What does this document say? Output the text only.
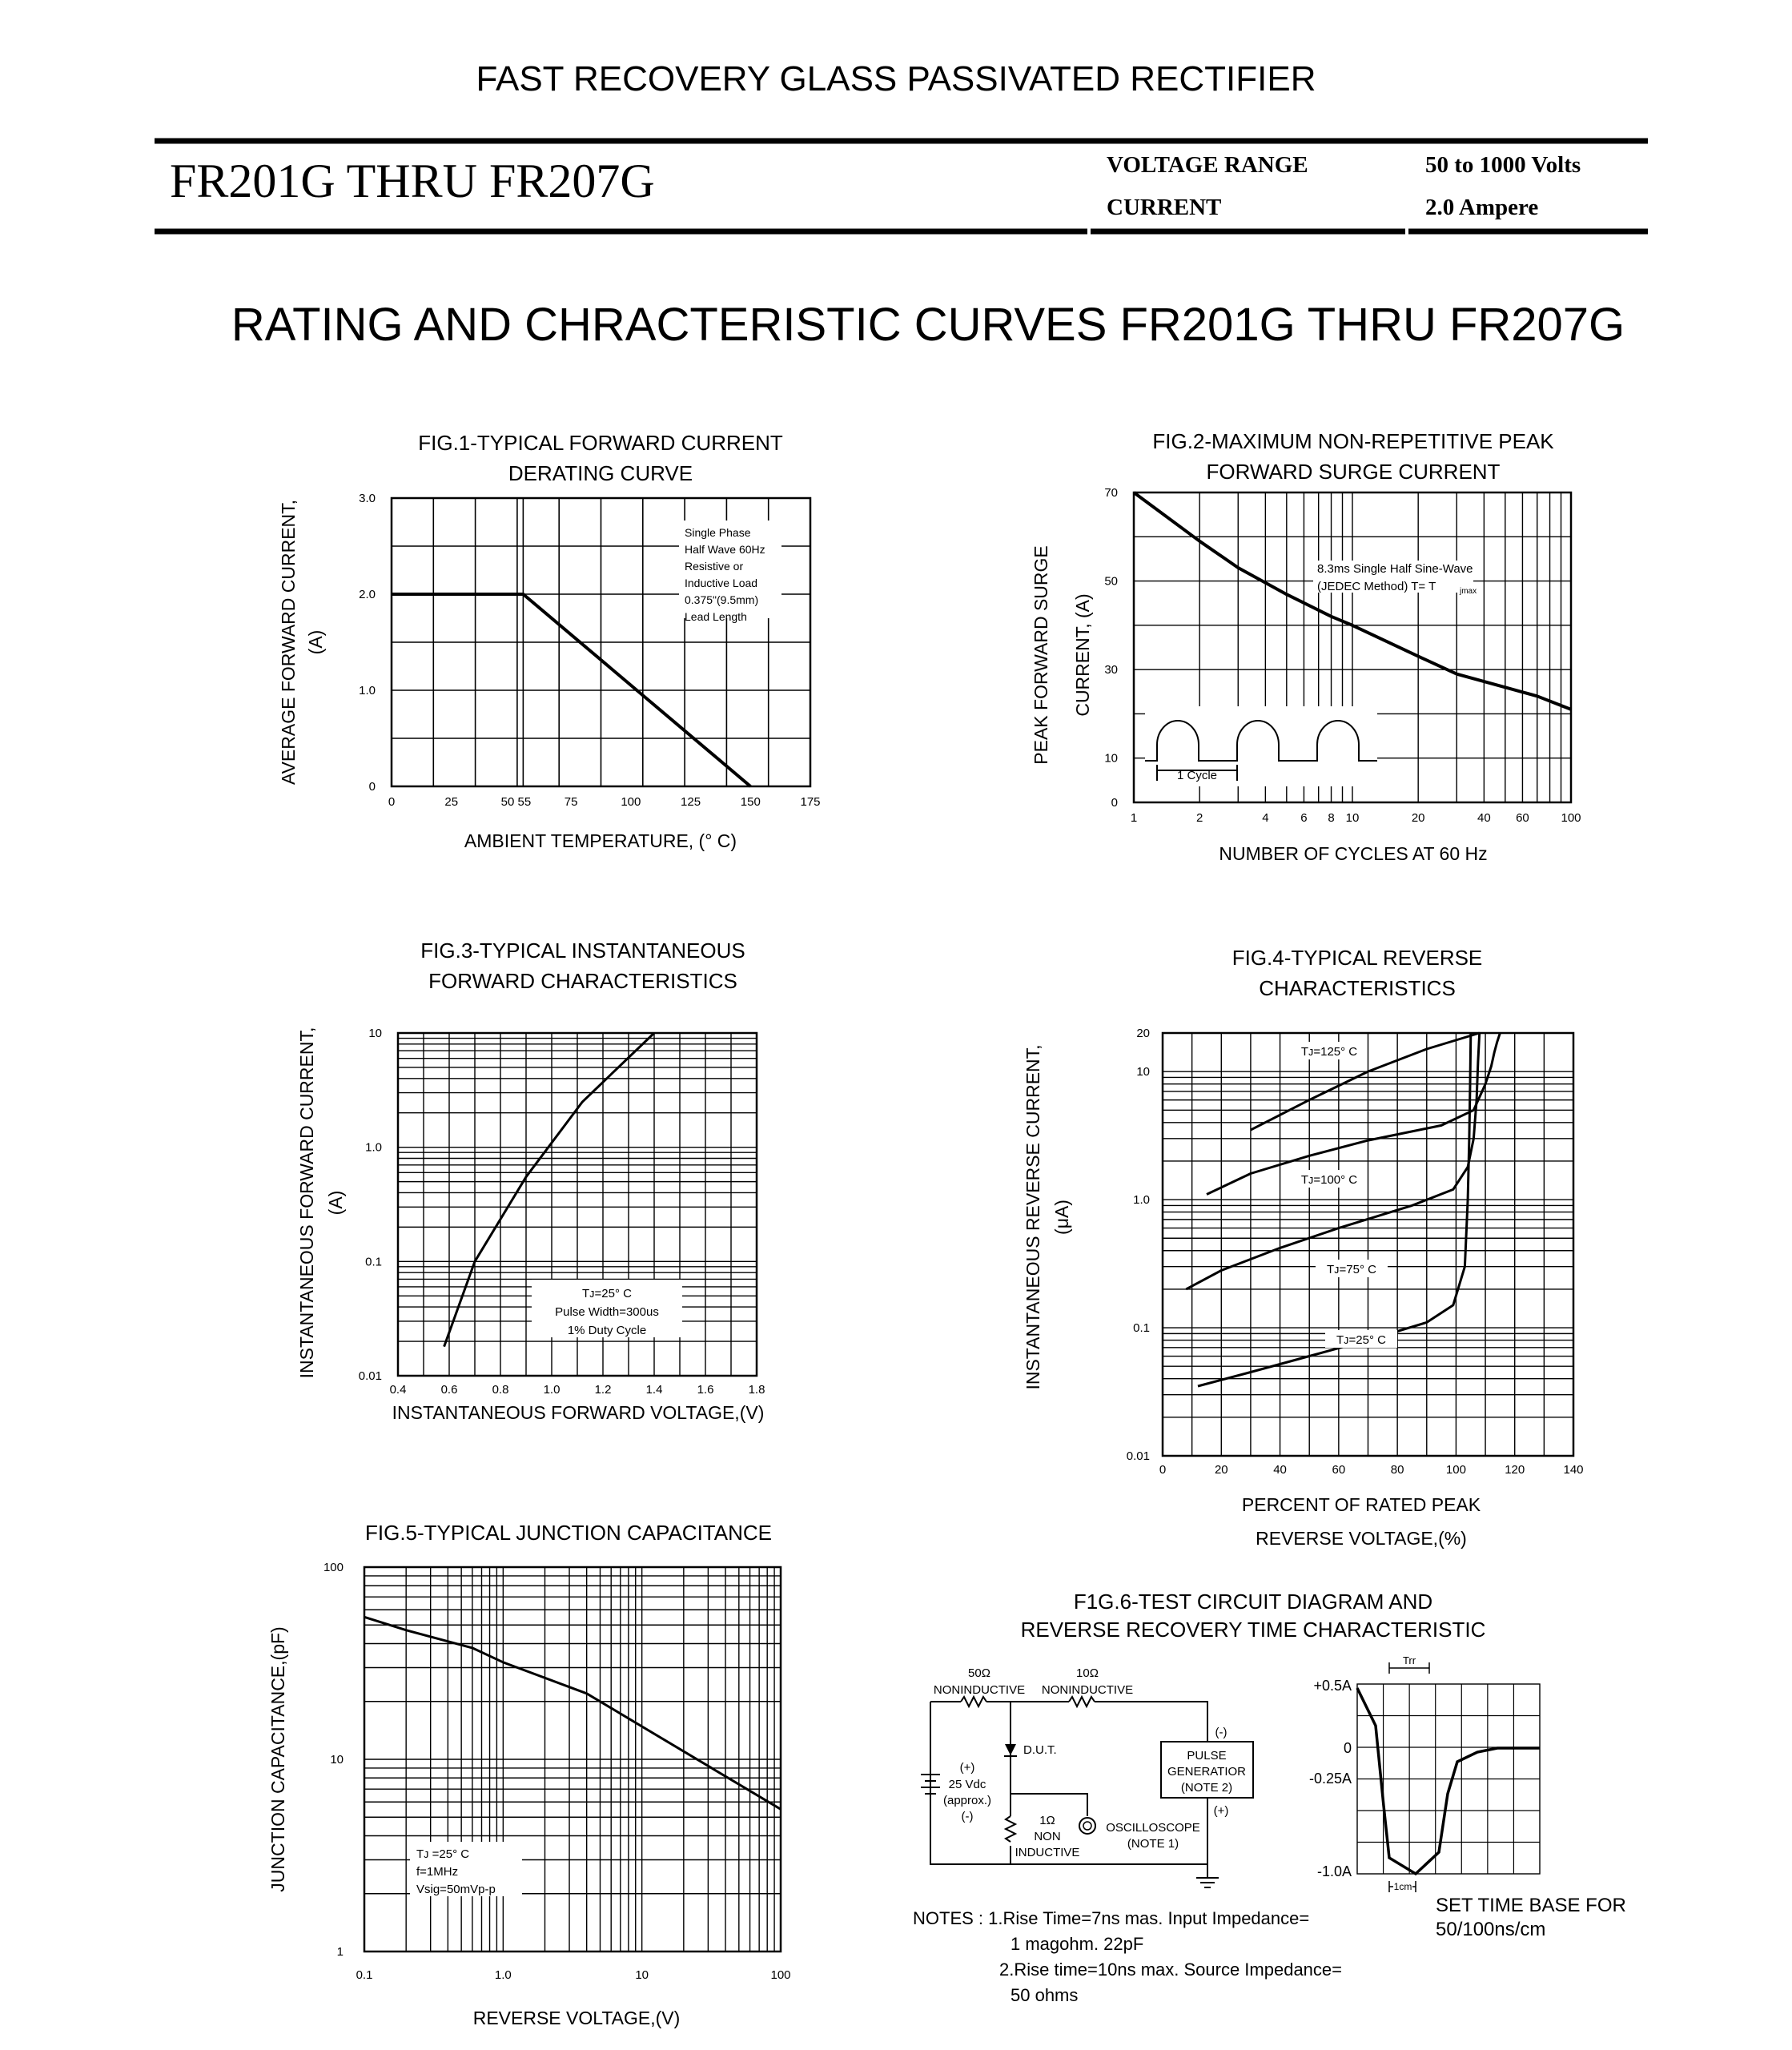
FAST RECOVERY GLASS PASSIVATED RECTIFIER
FR201G THRU FR207G	VOLTAGE RANGE	50 to 1000 Volts
CURRENT	2.0 Ampere
RATING AND CHRACTERISTIC CURVES FR201G THRU FR207G
Single Phase
Half Wave 60Hz
Resistive or
Inductive Load
0.375"(9.5mm)
Lead Length
0	25	50 55	75	100	125	150	175
3.0
2.0
1.0
0
FIG.1-TYPICAL FORWARD CURRENT
DERATING CURVE
AMBIENT TEMPERATURE, (° C)
AVERAGE FORWARD CURRENT, (A)
1 Cycle
8.3ms Single Half Sine-Wave
(JEDEC Method) T= T	jmax
1	2	4	6 8 10	20	40 60	100
70
50
30
10
0
FIG.2-MAXIMUM NON-REPETITIVE PEAK
FORWARD SURGE CURRENT
NUMBER OF CYCLES AT 60 Hz
PEAK FORWARD SURGE CURRENT, (A)
Tᴊ=25° C
Pulse Width=300us
1% Duty Cycle
0.4	0.6	0.8	1.0	1.2	1.4	1.6	1.8
10
1.0
0.1
0.01
FIG.3-TYPICAL INSTANTANEOUS
FORWARD CHARACTERISTICS
INSTANTANEOUS FORWARD VOLTAGE,(V)
INSTANTANEOUS FORWARD CURRENT, (A)
Tᴊ=125° C
Tᴊ=100° C
Tᴊ=75° C
Tᴊ=25° C
0	20	40	60	80	100	120	140
20
10
1.0
0.1
0.01
FIG.4-TYPICAL REVERSE
CHARACTERISTICS
PERCENT OF RATED PEAK
REVERSE VOLTAGE,(%)
INSTANTANEOUS REVERSE CURRENT, (μA)
Tᴊ =25° C
f=1MHz
Vsig=50mVp-p
0.1	1.0	10	100
100
10
1
FIG.5-TYPICAL JUNCTION CAPACITANCE
REVERSE VOLTAGE,(V)
JUNCTION CAPACITANCE,(pF)
F1G.6-TEST CIRCUIT DIAGRAM AND
REVERSE RECOVERY TIME CHARACTERISTIC
PULSE
GENERATIOR
(NOTE 2)
50Ω
NONINDUCTIVE
10Ω
NONINDUCTIVE
D.U.T.
(+)
25 Vdc
(approx.)
(-)	1Ω
NON
INDUCTIVE
OSCILLOSCOPE
(NOTE 1)
(-)
(+)
+0.5A
0
-0.25A
-1.0A
Trr
1cm
SET TIME BASE FOR
50/100ns/cm
NOTES : 1.Rise Time=7ns mas. Input Impedance=
1 magohm. 22pF
2.Rise time=10ns max. Source Impedance=
50 ohms
